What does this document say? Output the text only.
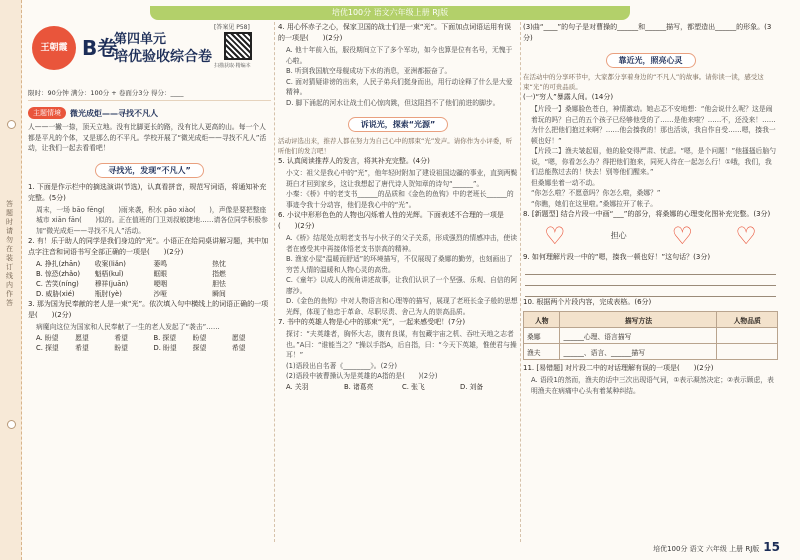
培优100分 语文六年级上册 RJ版
答题时请勿在装订线内作答
王朝霞 B卷
第四单元
培优验收综合卷
[答案见 P58]
扫描获取·精编本
限时：90分钟 满分：100分 + 卷面分3分 得分：____
主题情境	微光成炬——寻找不凡人
人——一撇一捺，顶天立地。没有比脚更长的路，没有比人更高的山。每一个人都是平凡的个体，又是那么的不平凡。学校开展了“微光成炬——寻找不凡人”活动，让我们一起去看看吧！
寻找光，发现“不凡人”
1. 下面是作示栏中的摘选演讲(节选)，认真看拼音，规范写词语，将通知补充完整。(5分)
周末，一场 bāo fēng(　　)雨来袭，积水 pāo xiào(　　)，声像是要把整座城市 xiān fān(　　)似的。正在值班的门卫刘叔敏捷地……请各位同学积极参加“微光成炬——寻找不凡人”活动。
2. 有！乐于助人的同学是我们身边的“光”。小语正在给同桌讲解习题，其中加点字注音和词语书写全部正确的一项是(　　)(2分)
A. 挣扎(zhān)	收案(liǎn)	萎鸣	热忱
B. 惊恐(zhǎo)	魁梧(kuǐ)	眶眼	指燃
C. 苦笑(níng)	穆祥(juān)	哽咽	胆怯
D. 威胁(xié)	瓶肘(yè)	沙哑	瞬间
3. 那为国为民奉献的老人是一束“光”。依次填入句中横线上的词语正确的一项是(　　)(2分)
病魔向这位为国家和人民奉献了一生的老人发起了“袭击”……
A. 盼望	愿望	希望	B. 探望	盼望	愿望
C. 探望	希望	盼望	D. 盼望	探望	希望
4. 用心怀赤子之心，保家卫国的战士们是一束“光”。下面加点词语运用有误的一项是(　　)(2分)
A. 他十年前入伍，服役期间立下了多个军功，如今也算是位有名号，无愧于心啦。
B. 听到我国航空母舰成功下水的消息，亚洲都振奋了。
C. 面对猜疑诽谤的出来，人民子弟兵们挺身而出，用行动诠释了什么是大爱精神。
D. 脚下涌起的河水让战士们心惊肉跳，但这阻挡不了他们前进的脚步。
诉说光，探索“光源”
活动评选出来，推荐人都在努力为自己心中的那束“光”发声。请你作为小评委，听听他们的发言吧！
5. 认真阅读推荐人的发言，将其补充完整。(4分)
小文：祖父是我心中的“光”，他年轻时附加了建设祖国边疆的事业，直到两鬓斑白才回到家乡，这让我想起了唐代诗人贺知章的诗句“______”。
小秦：《桥》中的老支书______的品质和《金色的鱼钩》中的老班长______的事迹令我十分动容，他们是我心中的“光”。
6. 小议中形形色色的人物也闪烁着人性的光辉。下面表述不合理的一项是(　　)(2分)
A.《桥》结尾处点明老支书与小伙子的父子关系，形成强烈的情感冲击，使读者在感受其中再接体悟老支书崇高的精神。
B. 渔家小屋“温暖而舒适”的环境描写，不仅展现了桑娜的勤劳，也刻画出了穷苦人情的温暖和人物心灵的高贵。
C.《童年》以成人的视角讲述故事，让我们认识了一个坚强、乐观、自信的阿廖沙。
D.《金色的鱼钩》中对人物语言和心理等的描写，展现了老班长金子般的思想光辉，体现了他忠于革命、尽职尽责、舍己为人的崇高品质。
7. 书中的英雄人物是心中的那束“光”，一起来感受吧！(7分)
探讨：“夫英雄者，胸怀大志，腹有良谋，有包藏宇宙之机、吞吐天地之志者也。”A曰：“谁能当之？”操以手指A，后自指，曰：“今天下英雄，惟使君与操耳！”
(1)语段出自名著《________》。(2分)
(2)语段中被曹操认为是英雄的A指的是(　　)(2分)
A. 关羽	B. 诸葛亮	C. 张飞	D. 刘备
(3)曲“____”的句子是对曹操的______和______描写，都塑造出______的形象。(3分)
靠近光，照亮心灵
在活动中的分享环节中，大家都分享着身边的“不凡人”的故事。请你读一读，感受这束“光”的可贵品质。
(一)“穷人”暴露人间。(14分)
【片段一】桑娜脸色苍白，神情激动。她忐忑不安地想：“他会说什么呢？这是闹着玩的吗？自己的五个孩子已经够他受的了……是他来啦？……不，还没来！……为什么把他们抱过来啊？……他会揍我的！那也活该，我自作自受……嗯，揍我一顿也好！”
【片段二】渔夫皱起眉，他的脸变得严肃、忧虑。“嗯，是个问题！”他搔搔后脑勺说，“嗯，你看怎么办？得把他们抱来，同死人待在一起怎么行！①哦，我们，我们总能熬过去的！快去！别等他们醒来。”
但桑娜坐着一动不动。
“你怎么啦？不愿意吗？你怎么啦，桑娜？”
“你瞧，她们在这里啦。”桑娜拉开了帐子。
8. [新题型] 结合片段一中画“___”的部分，将桑娜的心理变化图补充完整。(3分)
♡	担心 ♡ ♡
9. 如何理解片段一中的“嗯，揍我一顿也好！”这句话？(3分)
10. 根据两个片段内容，完成表格。(6分)
人物	描写方法	人物品质
桑娜	______心理、语言描写	
渔夫	______、语言、______描写	
11. [易错题] 对片段二中的对话理解有误的一项是(　　)(2分)
A. 语段1的然而，渔夫的话中三次出现语气词，①表示凝然决定；②表示顾虑，表明渔夫在病痛中心头有着某种纠结。
培优100分 语文 六年级 上册 RJ版 15
